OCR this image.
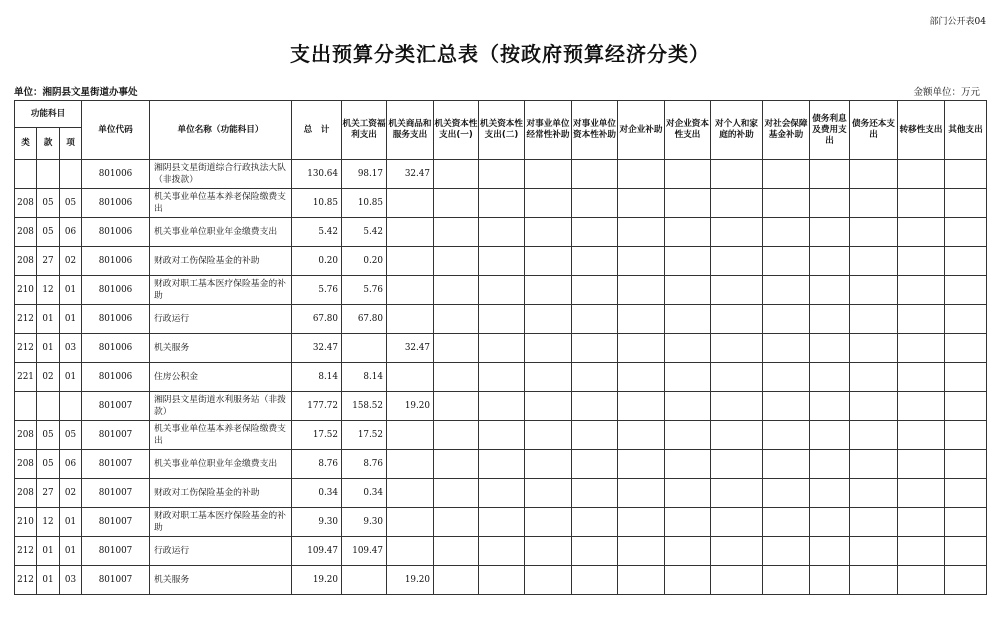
部门公开表04
支出预算分类汇总表（按政府预算经济分类）
单位：湘阴县文星街道办事处	金额单位：万元
功能科目			单位代码	单位名称（功能科目）	总　计	机关工资福利支出	机关商品和服务支出	机关资本性支出(一)	机关资本性支出(二)	对事业单位经常性补助	对事业单位资本性补助	对企业补助	对企业资本性支出	对个人和家庭的补助	对社会保障基金补助	债务利息及费用支出	债务还本支出	转移性支出	其他支出
类	款	项																	
			801006	湘阴县文星街道综合行政执法大队（非拨款）	130.64	98.17	32.47												
208	05	05	801006	机关事业单位基本养老保险缴费支出	10.85	10.85													
208	05	06	801006	机关事业单位职业年金缴费支出	5.42	5.42													
208	27	02	801006	财政对工伤保险基金的补助	0.20	0.20													
210	12	01	801006	财政对职工基本医疗保险基金的补助	5.76	5.76													
212	01	01	801006	行政运行	67.80	67.80													
212	01	03	801006	机关服务	32.47		32.47												
221	02	01	801006	住房公积金	8.14	8.14													
			801007	湘阴县文星街道水利服务站（非拨款）	177.72	158.52	19.20												
208	05	05	801007	机关事业单位基本养老保险缴费支出	17.52	17.52													
208	05	06	801007	机关事业单位职业年金缴费支出	8.76	8.76													
208	27	02	801007	财政对工伤保险基金的补助	0.34	0.34													
210	12	01	801007	财政对职工基本医疗保险基金的补助	9.30	9.30													
212	01	01	801007	行政运行	109.47	109.47													
212	01	03	801007	机关服务	19.20		19.20												
